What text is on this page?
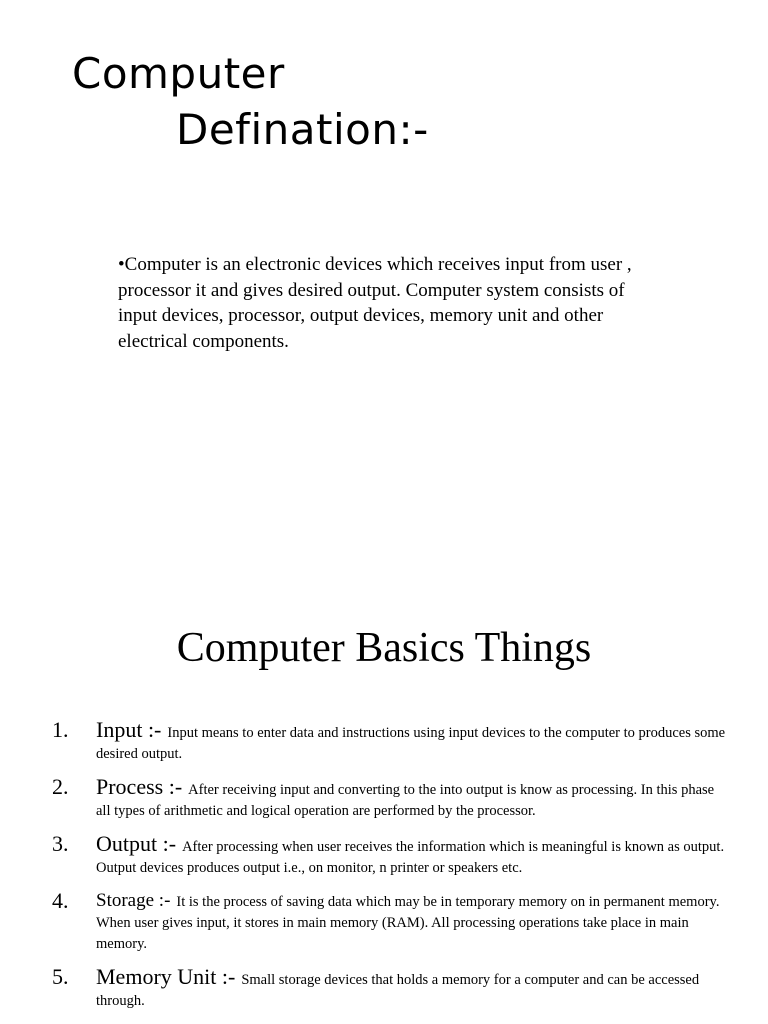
Computer
Defination:-
•Computer is an electronic devices which receives input from user , processor it and gives desired output. Computer system consists of input devices, processor, output devices, memory unit and other electrical components.
Computer Basics Things
1.	Input :- Input means to enter data and instructions using input devices to the computer to produces some desired output.
2.	Process :- After receiving input and converting to the into output is know as processing. In this phase all types of arithmetic and logical operation are performed by the processor.
3.	Output :- After processing when user receives the information which is meaningful is known as output. Output devices produces output i.e., on monitor, n printer or speakers etc.
4.	Storage :- It is the process of saving data which may be in temporary memory on in permanent memory. When user gives input, it stores in main memory (RAM). All processing operations take place in main memory.
5.	Memory Unit :- Small storage devices that holds a memory for a computer and can be accessed through.
